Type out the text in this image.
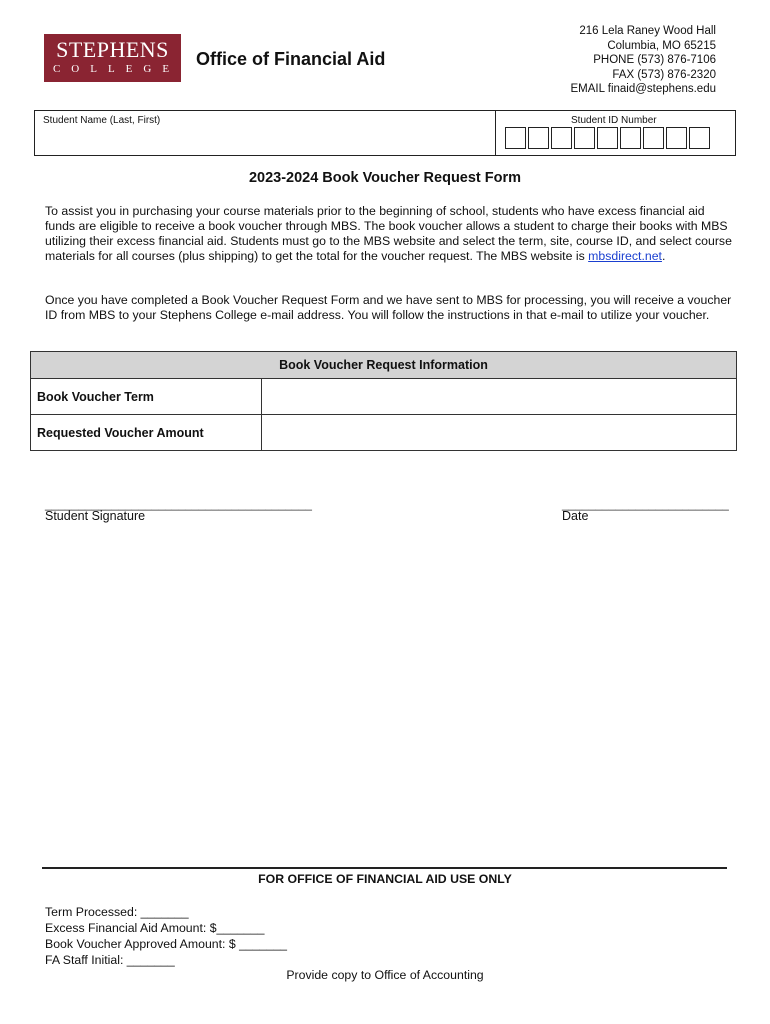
STEPHENS
COLLEGE Office of Financial Aid
216 Lela Raney Wood Hall
Columbia, MO 65215
PHONE (573) 876-7106
FAX (573) 876-2320
EMAIL finaid@stephens.edu
Student Name (Last, First)	Student ID Number
2023-2024 Book Voucher Request Form
To assist you in purchasing your course materials prior to the beginning of school, students who have excess financial aid funds are eligible to receive a book voucher through MBS. The book voucher allows a student to charge their books with MBS utilizing their excess financial aid. Students must go to the MBS website and select the term, site, course ID, and select course materials for all courses (plus shipping) to get the total for the voucher request. The MBS website is mbsdirect.net.
Once you have completed a Book Voucher Request Form and we have sent to MBS for processing, you will receive a voucher ID from MBS to your Stephens College e-mail address. You will follow the instructions in that e-mail to utilize your voucher.
Book Voucher Request Information
Book Voucher Term
Requested Voucher Amount
________________________________________
Student Signature
_________________________
Date
FOR OFFICE OF FINANCIAL AID USE ONLY
Term Processed: _______
Excess Financial Aid Amount: $_______
Book Voucher Approved Amount: $ _______
FA Staff Initial: _______
Provide copy to Office of Accounting
